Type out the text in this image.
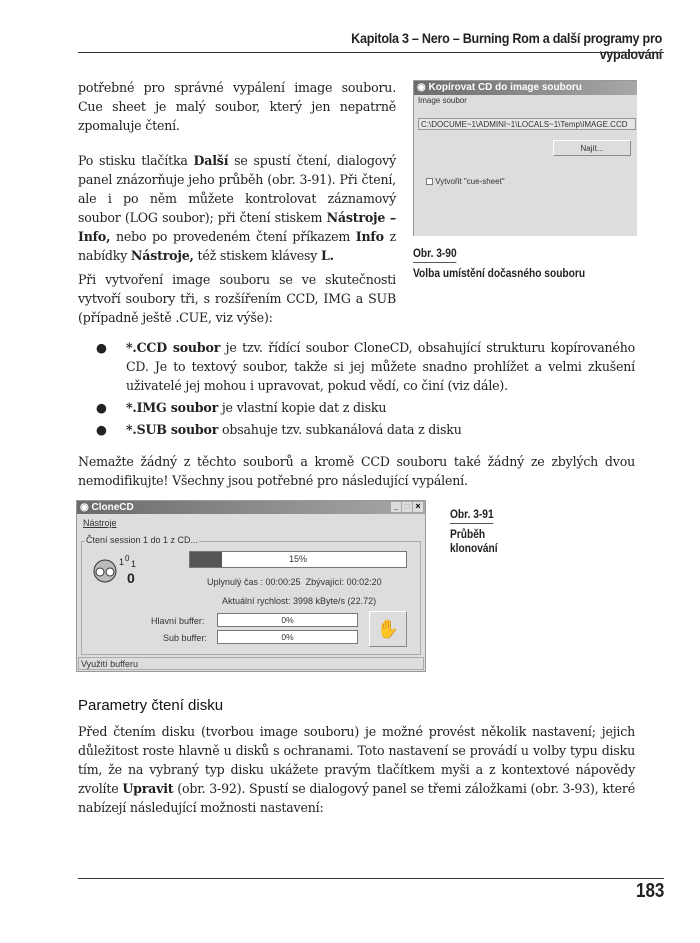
Kapitola 3 – Nero – Burning Rom a další programy pro vypalování

potřebné pro správné vypálení image souboru. Cue sheet je malý soubor, který jen nepatrně zpomaluje čtení.

Po stisku tlačítka Další se spustí čtení, dialogový panel znázorňuje jeho průběh (obr. 3-91). Při čtení, ale i po něm můžete kontrolovat záznamový soubor (LOG soubor); při čtení stiskem Nástroje – Info, nebo po provedeném čtení příkazem Info z nabídky Nástroje, též stiskem klávesy L.

Při vytvoření image souboru se ve skutečnosti vytvoří soubory tři, s rozšířením CCD, IMG a SUB (případně ještě .CUE, viz výše):

◉ Kopírovat CD do image souboru
Image soubor
C:\DOCUME~1\ADMINI~1\LOCALS~1\Temp\IMAGE.CCD
Najít...
Vytvořit "cue-sheet"
Obr. 3-90
Volba umístění dočasného souboru
● *.CCD soubor je tzv. řídící soubor CloneCD, obsahující strukturu kopírovaného CD. Je to textový soubor, takže si jej můžete snadno prohlížet a velmi zkušení uživatelé jej mohou i upravovat, pokud vědí, co činí (viz dále).
● *.IMG soubor je vlastní kopie dat z disku
● *.SUB soubor obsahuje tzv. subkanálová data z disku

Nemažte žádný z těchto souborů a kromě CCD souboru také žádný ze zbylých dvou nemodifikujte! Všechny jsou potřebné pro následující vypálení.

◉ CloneCD	_ □ ×
Nástroje
Čtení session 1 do 1 z CD...
1 0
1
0
15%
Uplynulý čas : 00:00:25 Zbývající: 00:02:20
Aktuální rychlost: 3998 kByte/s (22.72)
Hlavní buffer:	0%
Sub buffer:	0%	✋
Využití bufferu
Obr. 3-91
Průběh
klonování
Parametry čtení disku

Před čtením disku (tvorbou image souboru) je možné provést několik nastavení; jejich důležitost roste hlavně u disků s ochranami. Toto nastavení se provádí u volby typu disku tím, že na vybraný typ disku ukážete pravým tlačítkem myši a z kontextové nápovědy zvolíte Upravit (obr. 3-92). Spustí se dialogový panel se třemi záložkami (obr. 3-93), které nabízejí následující možnosti nastavení:

183
